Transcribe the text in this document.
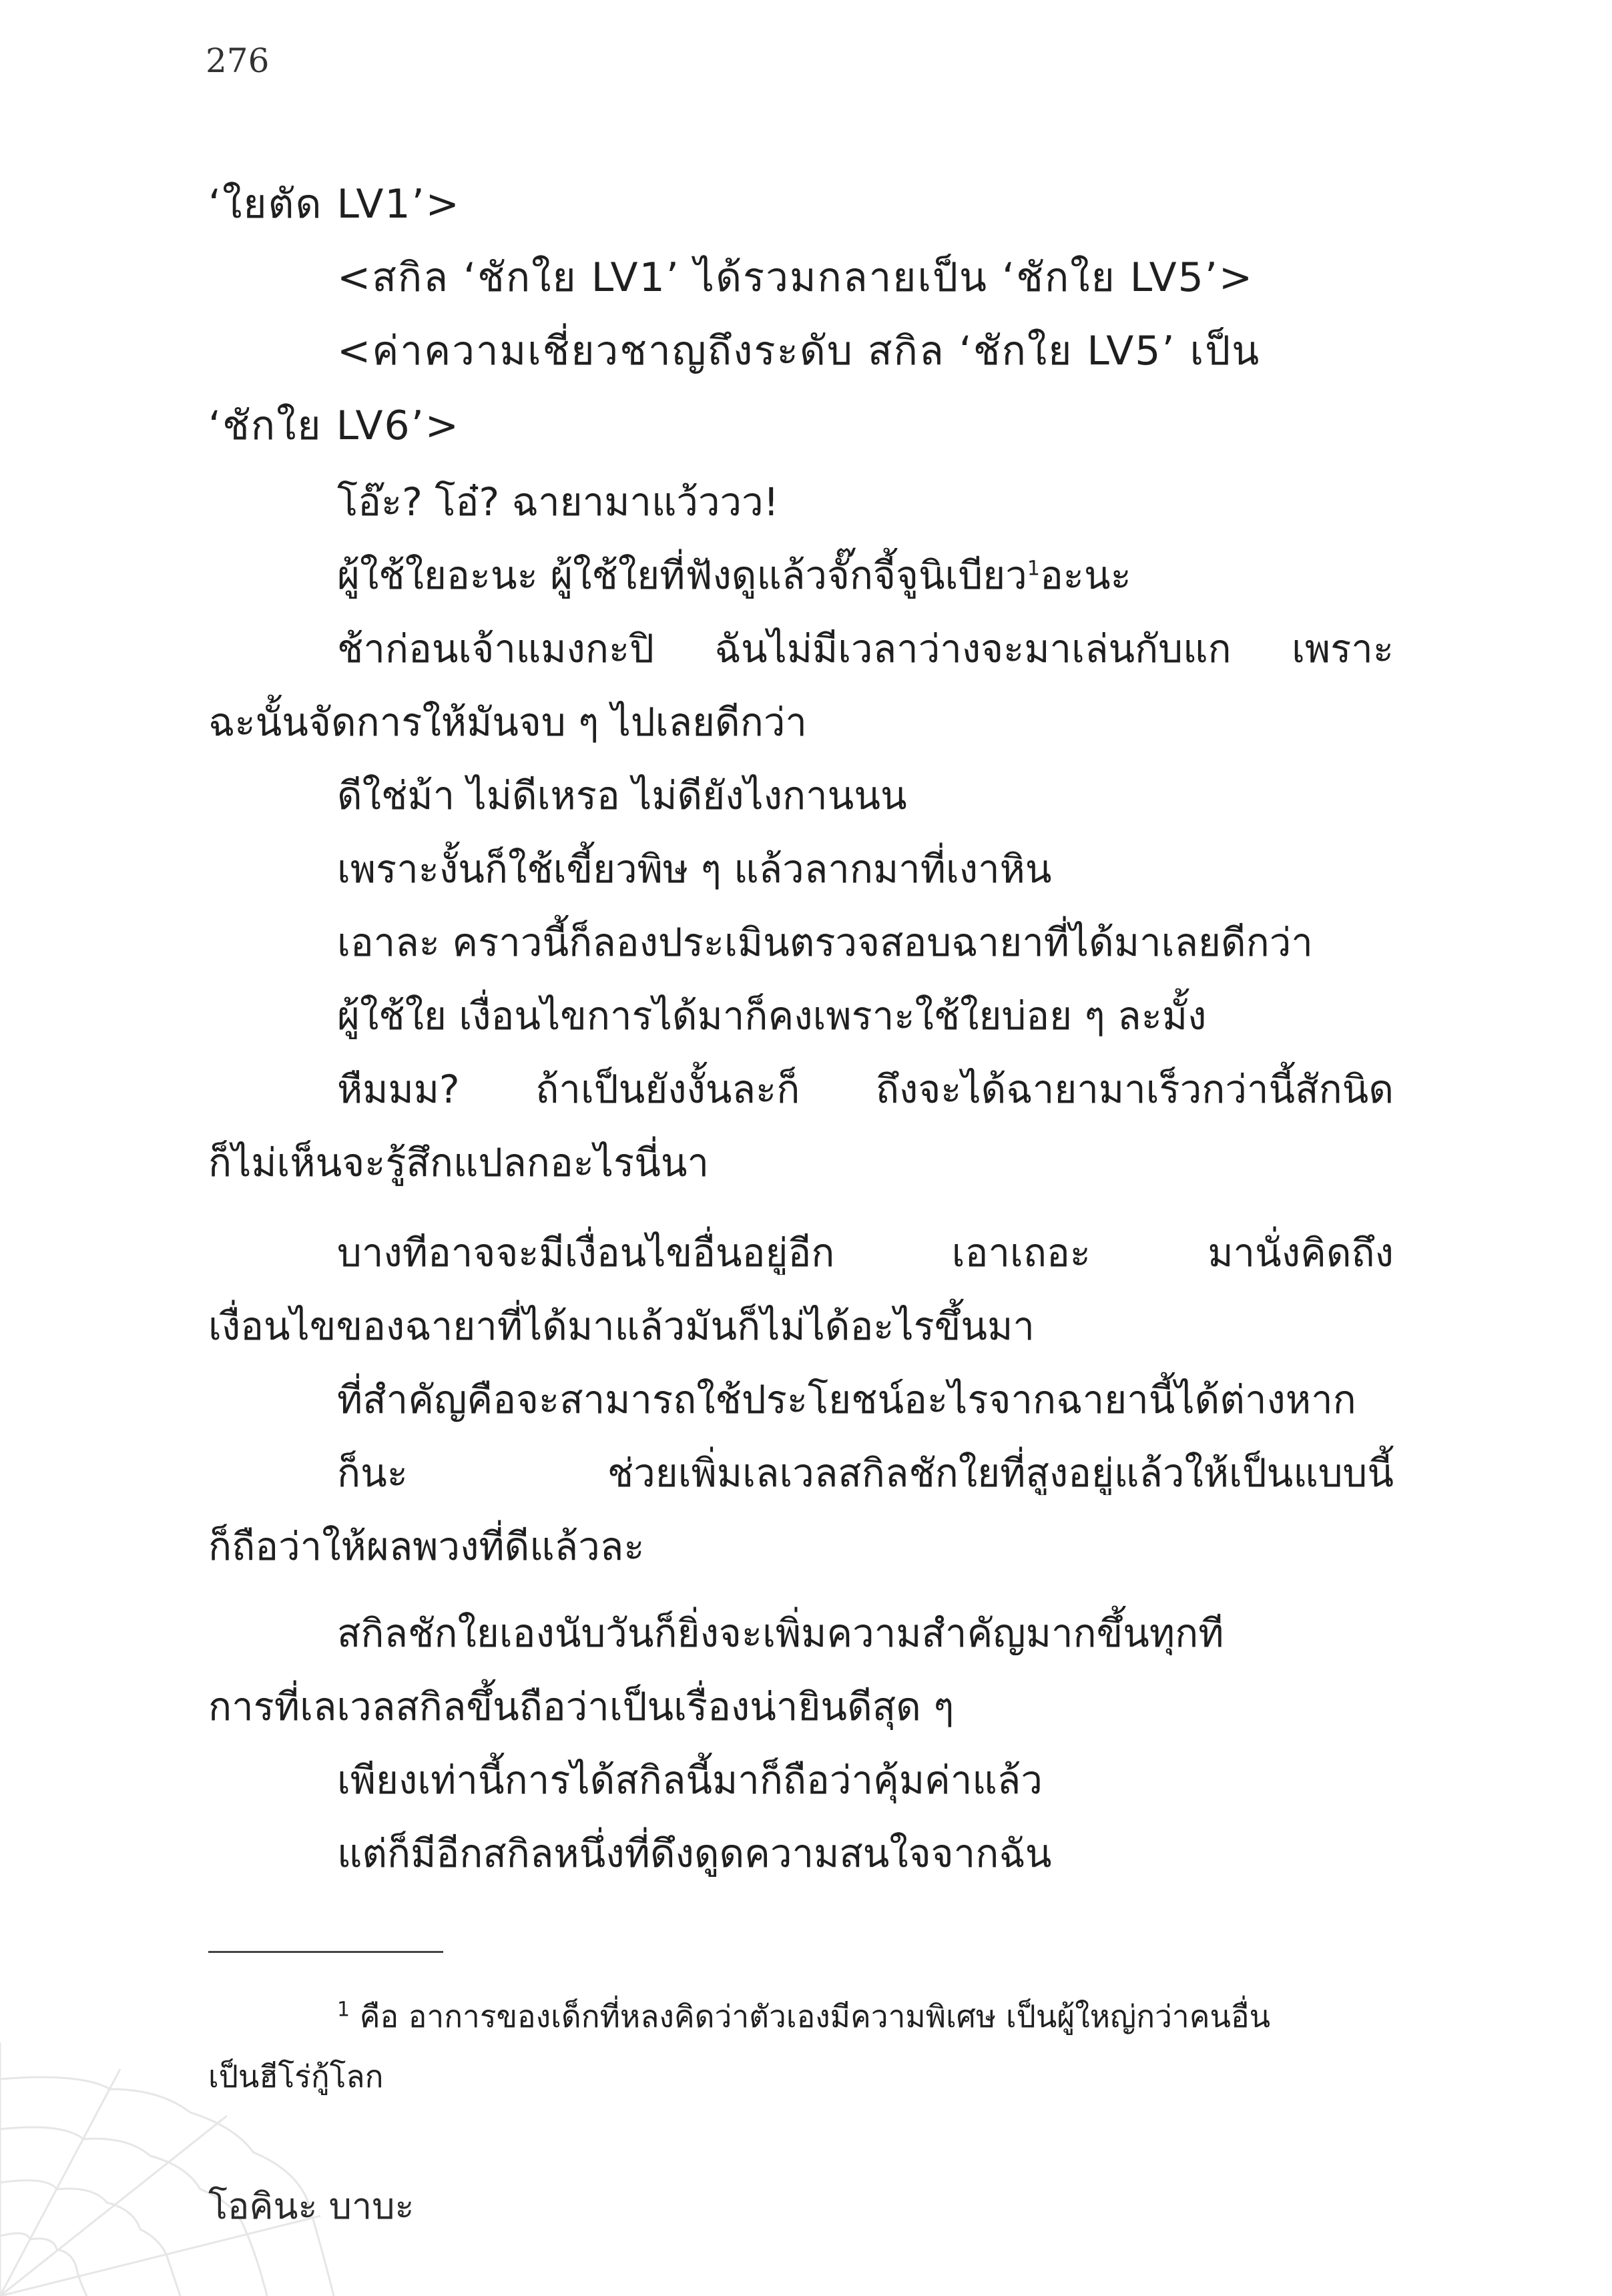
276
‘ใยตัด LV1’>
<สกิล ‘ชักใย LV1’ ได้รวมกลายเป็น ‘ชักใย LV5’>
<ค่าความเชี่ยวชาญถึงระดับ สกิล ‘ชักใย LV5’ เป็น
‘ชักใย LV6’>
โอ๊ะ? โอ๋? ฉายามาแว้ววว!
ผู้ใช้ใยอะนะ ผู้ใช้ใยที่ฟังดูแล้วจั๊กจี้จูนิเบียว$^1$อะนะ
ช้าก่อนเจ้าแมงกะปิ ฉันไม่มีเวลาว่างจะมาเล่นกับแก เพราะ
ฉะนั้นจัดการให้มันจบ ๆ ไปเลยดีกว่า
ดีใช่ม้า ไม่ดีเหรอ ไม่ดียังไงกานนน
เพราะงั้นก็ใช้เขี้ยวพิษ ๆ แล้วลากมาที่เงาหิน
เอาละ คราวนี้ก็ลองประเมินตรวจสอบฉายาที่ได้มาเลยดีกว่า
ผู้ใช้ใย เงื่อนไขการได้มาก็คงเพราะใช้ใยบ่อย ๆ ละมั้ง
หืมมม? ถ้าเป็นยังงั้นละก็ ถึงจะได้ฉายามาเร็วกว่านี้สักนิด
ก็ไม่เห็นจะรู้สึกแปลกอะไรนี่นา
บางทีอาจจะมีเงื่อนไขอื่นอยู่อีก เอาเถอะ มานั่งคิดถึง
เงื่อนไขของฉายาที่ได้มาแล้วมันก็ไม่ได้อะไรขึ้นมา
ที่สำคัญคือจะสามารถใช้ประโยชน์อะไรจากฉายานี้ได้ต่างหาก
ก็นะ ช่วยเพิ่มเลเวลสกิลชักใยที่สูงอยู่แล้วให้เป็นแบบนี้
ก็ถือว่าให้ผลพวงที่ดีแล้วละ
สกิลชักใยเองนับวันก็ยิ่งจะเพิ่มความสำคัญมากขึ้นทุกที
การที่เลเวลสกิลขึ้นถือว่าเป็นเรื่องน่ายินดีสุด ๆ
เพียงเท่านี้การได้สกิลนี้มาก็ถือว่าคุ้มค่าแล้ว
แต่ก็มีอีกสกิลหนึ่งที่ดึงดูดความสนใจจากฉัน
$^1$ คือ อาการของเด็กที่หลงคิดว่าตัวเองมีความพิเศษ เป็นผู้ใหญ่กว่าคนอื่น
เป็นฮีโร่กู้โลก
โอคินะ บาบะ
